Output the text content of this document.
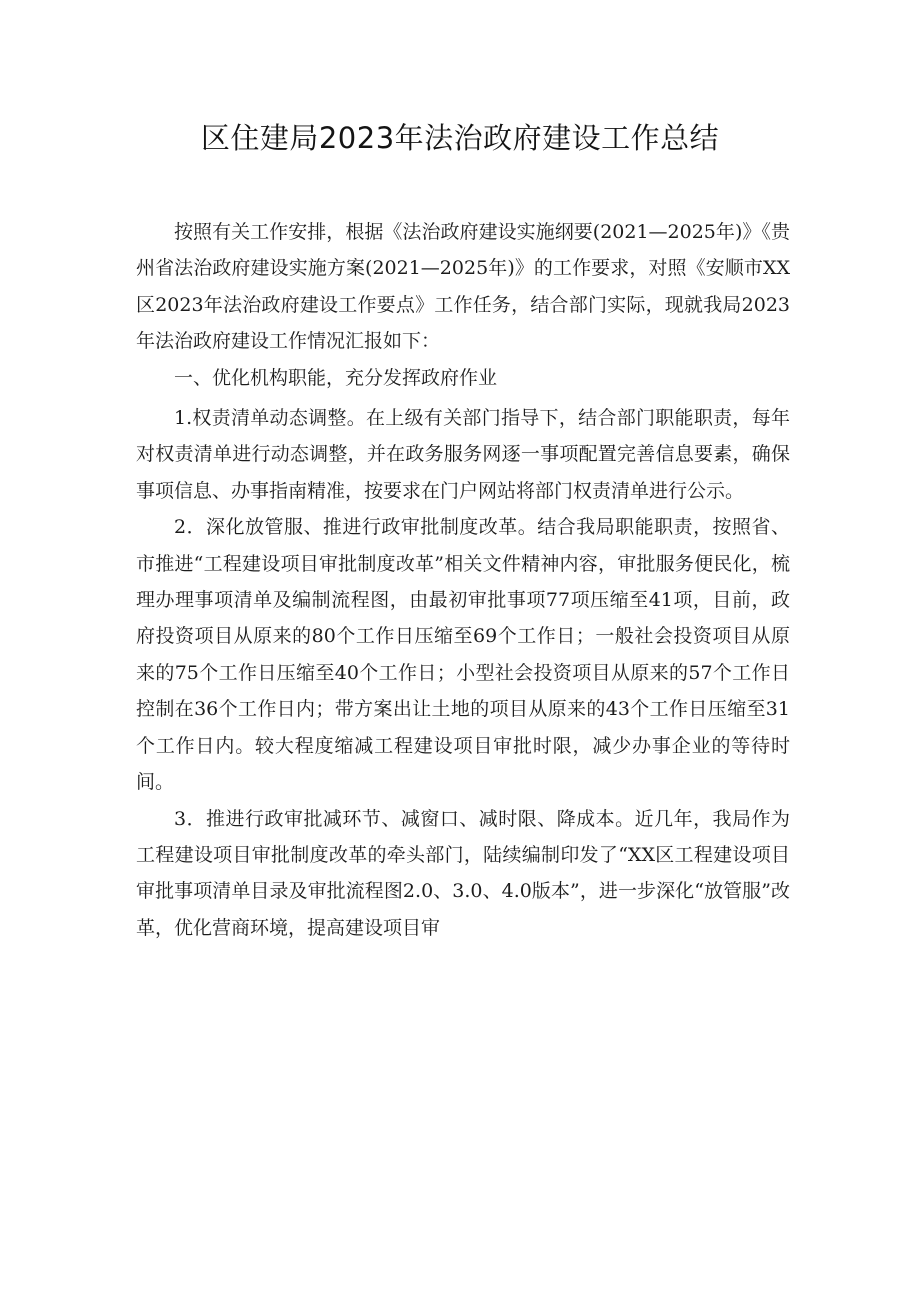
区住建局2023年法治政府建设工作总结

按照有关工作安排，根据《法治政府建设实施纲要(2021—2025年)》《贵州省法治政府建设实施方案(2021—2025年)》的工作要求，对照《安顺市XX区2023年法治政府建设工作要点》工作任务，结合部门实际，现就我局2023年法治政府建设工作情况汇报如下：

一、优化机构职能，充分发挥政府作业

1.权责清单动态调整。在上级有关部门指导下，结合部门职能职责，每年对权责清单进行动态调整，并在政务服务网逐一事项配置完善信息要素，确保事项信息、办事指南精准，按要求在门户网站将部门权责清单进行公示。

2．深化放管服、推进行政审批制度改革。结合我局职能职责，按照省、市推进“工程建设项目审批制度改革”相关文件精神内容，审批服务便民化，梳理办理事项清单及编制流程图，由最初审批事项77项压缩至41项，目前，政府投资项目从原来的80个工作日压缩至69个工作日；一般社会投资项目从原来的75个工作日压缩至40个工作日；小型社会投资项目从原来的57个工作日控制在36个工作日内；带方案出让土地的项目从原来的43个工作日压缩至31个工作日内。较大程度缩减工程建设项目审批时限，减少办事企业的等待时间。

3．推进行政审批减环节、减窗口、减时限、降成本。近几年，我局作为工程建设项目审批制度改革的牵头部门，陆续编制印发了“XX区工程建设项目审批事项清单目录及审批流程图2.0、3.0、4.0版本”，进一步深化“放管服”改革，优化营商环境，提高建设项目审
